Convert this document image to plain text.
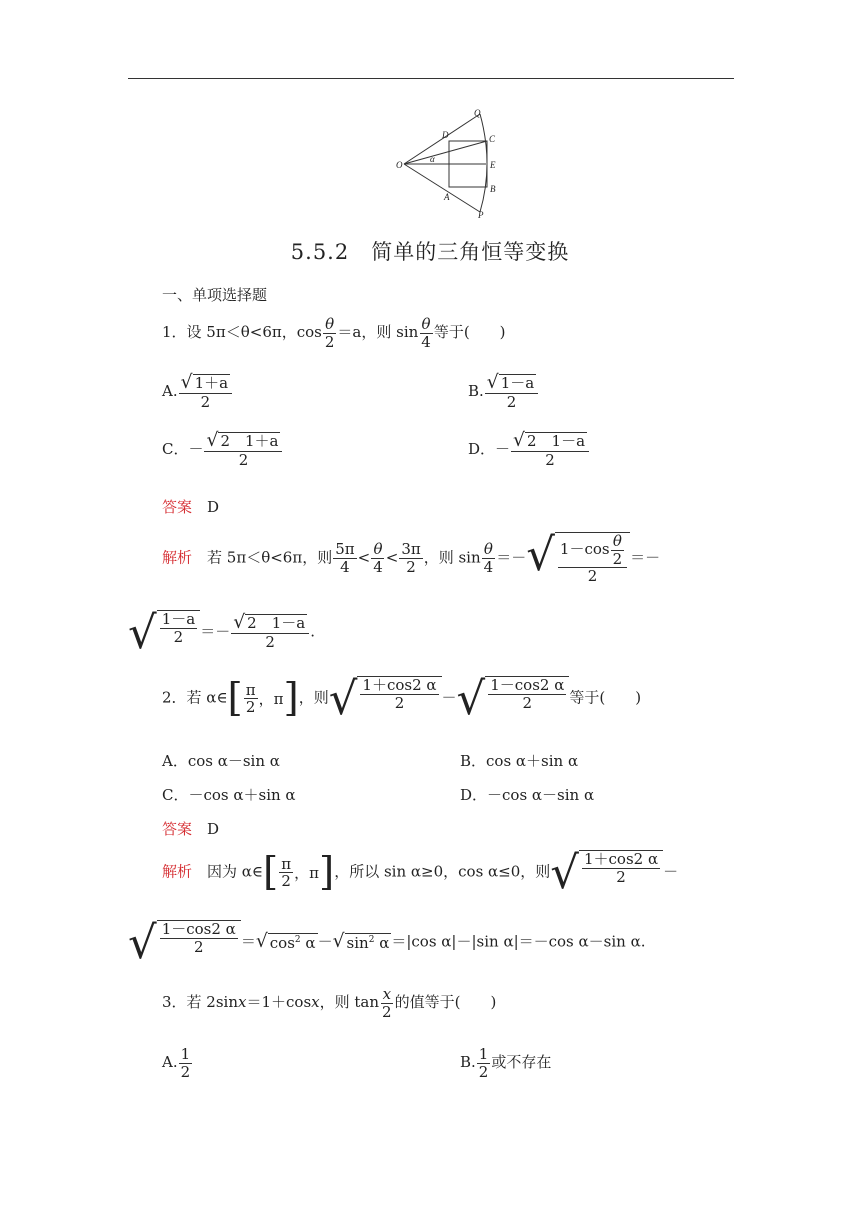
Q
D	C
O
α
E
B
A
P
5.5.2　简单的三角恒等变换
一、单项选择题
1．设 5π＜θ<6π，$\cos \frac{\theta}{2} =a$，则 $\sin \frac{\theta}{4}$ 等于(　　)
A. $\frac{√ 1+a}{2}$	B. $\frac{√ 1-a}{2}$
C．－ $\frac{√ 2 1+a}{2}$	D．－ $\frac{√ 2 1-a}{2}$
答案　 D
解析　 若 5π＜θ<6π，则 $\frac{5\pi}{4} < \frac{\theta}{4} < \frac{3\pi}{2}$ ，则 $\sin \frac{\theta}{4}$ ＝－ √ $\frac{1-\cos \frac{\theta}{2}}{2}$ ＝－
√ $\frac{1-a}{2} =- \frac{√ 2 1-a}{2}$ .
2．若 α∈ [ $\frac{\pi}{2}$ ，π ] ，则 √ $\frac{1+\cos 2 \alpha}{2}$ － √ $\frac{1-\cos 2 \alpha}{2}$ 等于(　　)
A．cos α－sin α	B．cos α＋sin α
C．－cos α＋sin α	D．－cos α－sin α
答案　 D
解析　 因为 α∈ [ $\frac{\pi}{2}$ ，π ] ，所以 sin α≥0，cos α≤0，则 √ $\frac{1+\cos 2 \alpha}{2}$ －
√ $\frac{1-\cos 2 \alpha}{2}$ ＝ √ $\cos^2 \alpha$ － √ $\sin^2 \alpha =|\cos$ α|－|sin α|＝－cos α－sin α.
3．若 2sinx＝1＋cosx，则 $\tan \frac{x}{2}$ 的值等于(　　)
A. $\frac{1}{2}$	B. $\frac{1}{2}$ 或不存在
